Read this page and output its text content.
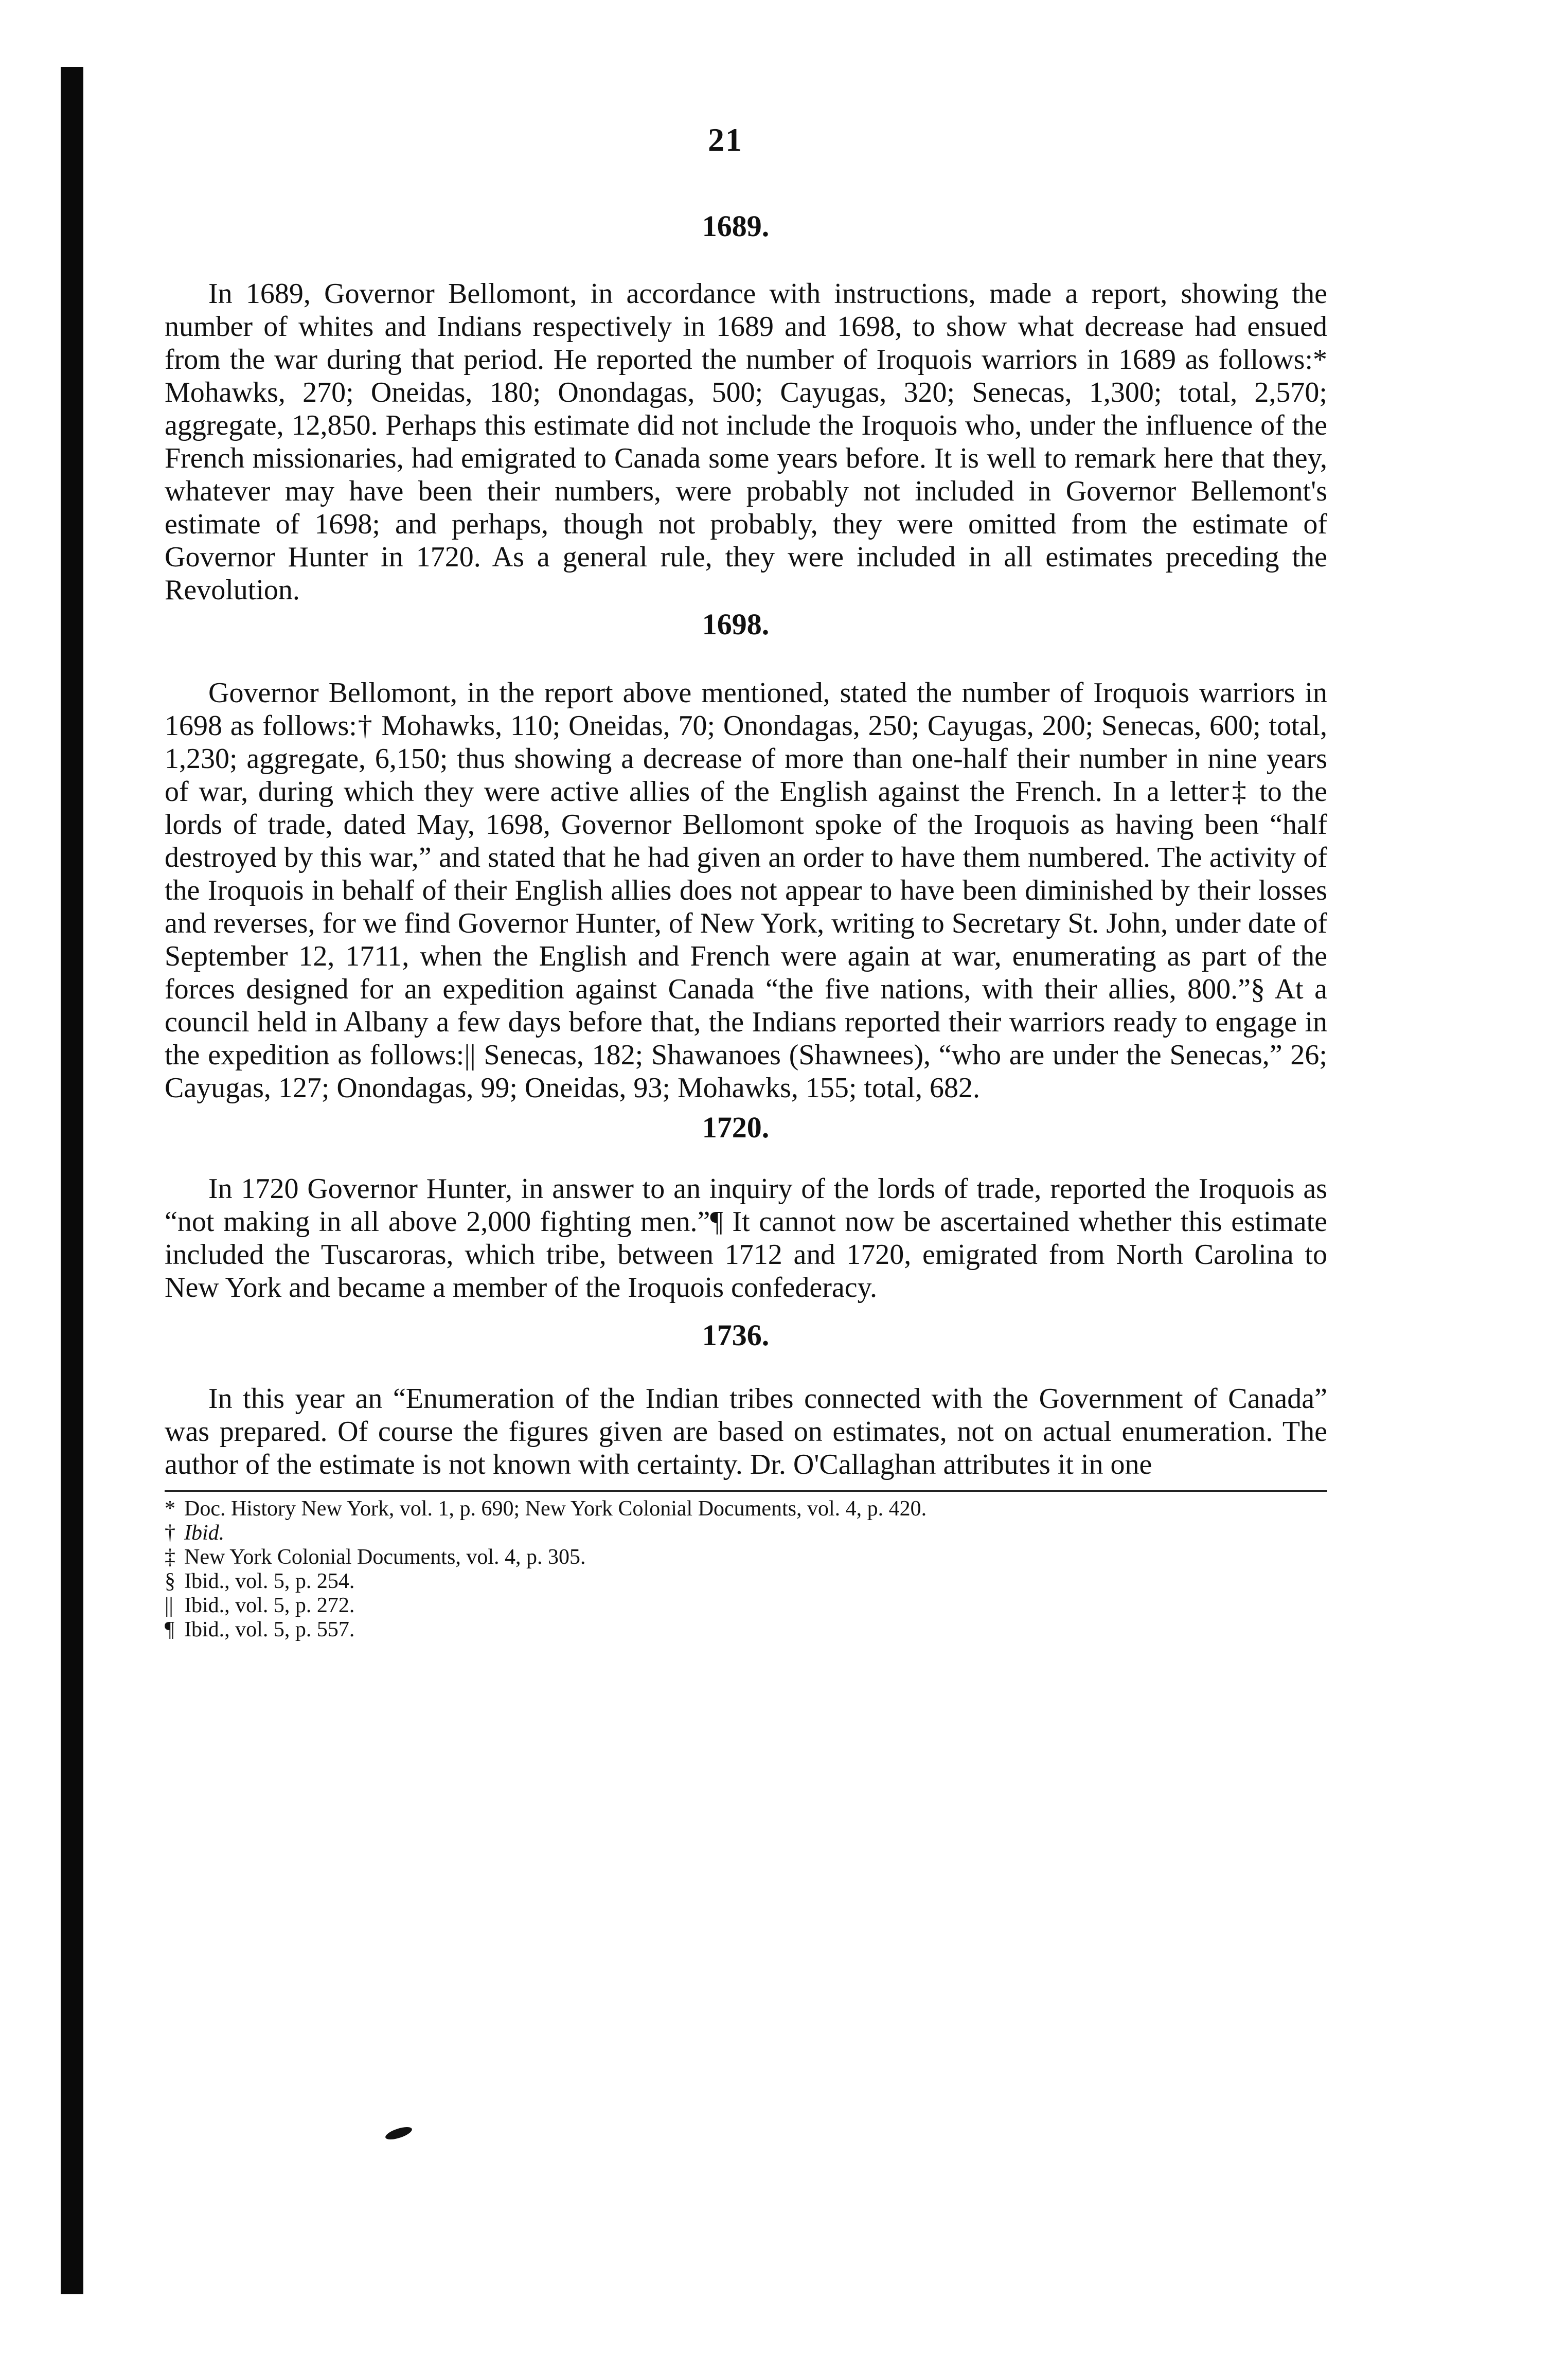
21
1689.

In 1689, Governor Bellomont, in accordance with instructions, made a report, showing the number of whites and Indians respectively in 1689 and 1698, to show what decrease had ensued from the war during that period. He reported the number of Iroquois warriors in 1689 as follows:* Mohawks, 270; Oneidas, 180; Onondagas, 500; Cayugas, 320; Senecas, 1,300; total, 2,570; aggregate, 12,850. Perhaps this estimate did not include the Iroquois who, under the influence of the French missionaries, had emigrated to Canada some years before. It is well to remark here that they, whatever may have been their numbers, were probably not included in Governor Bellemont's estimate of 1698; and perhaps, though not probably, they were omitted from the estimate of Governor Hunter in 1720. As a general rule, they were included in all estimates preceding the Revolution.

1698.

Governor Bellomont, in the report above mentioned, stated the number of Iroquois warriors in 1698 as follows:† Mohawks, 110; Oneidas, 70; Onondagas, 250; Cayugas, 200; Senecas, 600; total, 1,230; aggregate, 6,150; thus showing a decrease of more than one-half their number in nine years of war, during which they were active allies of the English against the French. In a letter‡ to the lords of trade, dated May, 1698, Governor Bellomont spoke of the Iroquois as having been “half destroyed by this war,” and stated that he had given an order to have them numbered. The activity of the Iroquois in behalf of their English allies does not appear to have been diminished by their losses and reverses, for we find Governor Hunter, of New York, writing to Secretary St. John, under date of September 12, 1711, when the English and French were again at war, enumerating as part of the forces designed for an expedition against Canada “the five nations, with their allies, 800.”§ At a council held in Albany a few days before that, the Indians reported their warriors ready to engage in the expedition as follows:|| Senecas, 182; Shawanoes (Shawnees), “who are under the Senecas,” 26; Cayugas, 127; Onondagas, 99; Oneidas, 93; Mohawks, 155; total, 682.

1720.

In 1720 Governor Hunter, in answer to an inquiry of the lords of trade, reported the Iroquois as “not making in all above 2,000 fighting men.”¶ It cannot now be ascertained whether this estimate included the Tuscaroras, which tribe, between 1712 and 1720, emigrated from North Carolina to New York and became a member of the Iroquois confederacy.

1736.

In this year an “Enumeration of the Indian tribes connected with the Government of Canada” was prepared. Of course the figures given are based on estimates, not on actual enumeration. The author of the estimate is not known with certainty. Dr. O'Callaghan attributes it in one

* Doc. History New York, vol. 1, p. 690; New York Colonial Documents, vol. 4, p. 420.
† Ibid.
‡ New York Colonial Documents, vol. 4, p. 305.
§ Ibid., vol. 5, p. 254.
|| Ibid., vol. 5, p. 272.
¶ Ibid., vol. 5, p. 557.
